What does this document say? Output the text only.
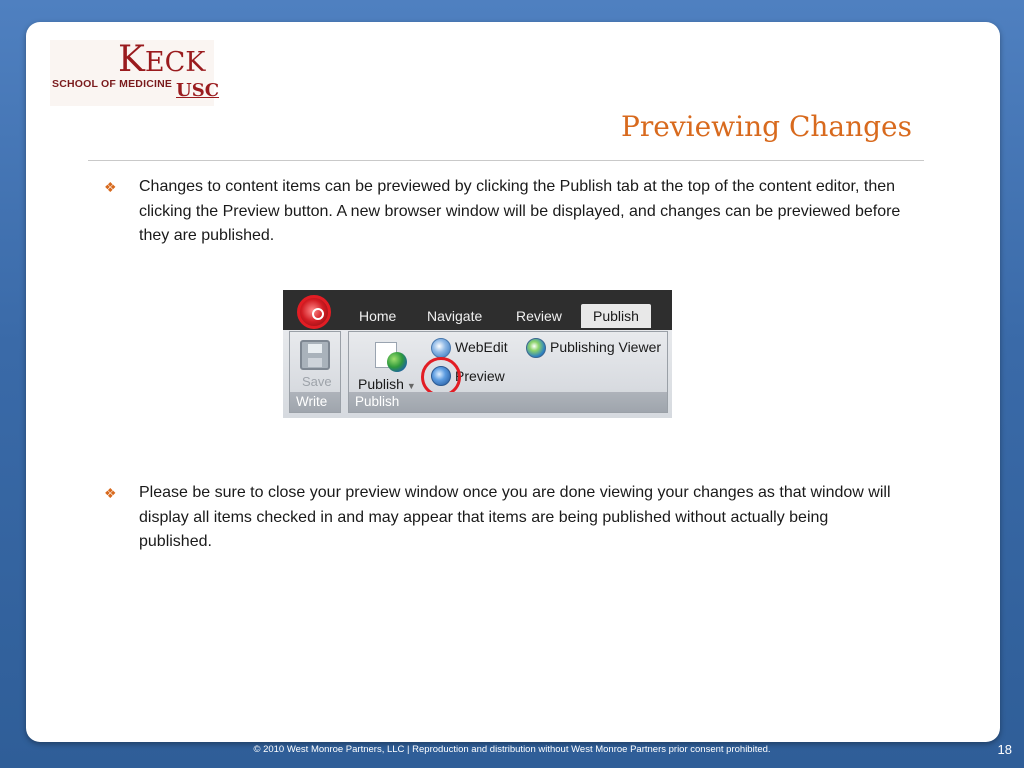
KECK
SCHOOL OF MEDICINE USC
Previewing Changes
❖ Changes to content items can be previewed by clicking the Publish tab at the top of the content editor, then clicking the Preview button. A new browser window will be displayed, and changes can be previewed before they are published.
Home Navigate Review	Publish
Save
Write
Publish ▼
WebEdit	Publishing Viewer
Preview
Publish
❖ Please be sure to close your preview window once you are done viewing your changes as that window will display all items checked in and may appear that items are being published without actually being published.
© 2010 West Monroe Partners, LLC | Reproduction and distribution without West Monroe Partners prior consent prohibited.	18
